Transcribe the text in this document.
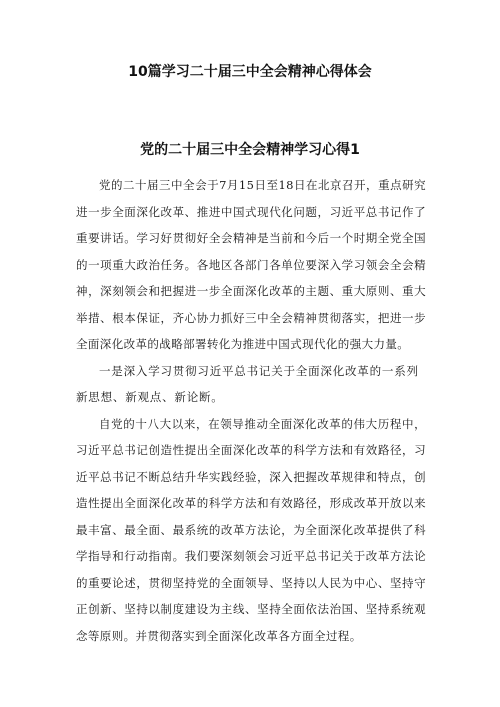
10篇学习二十届三中全会精神心得体会
党的二十届三中全会精神学习心得1

党的二十届三中全会于7月15日至18日在北京召开，重点研究进一步全面深化改革、推进中国式现代化问题，习近平总书记作了重要讲话。学习好贯彻好全会精神是当前和今后一个时期全党全国的一项重大政治任务。各地区各部门各单位要深入学习领会全会精神，深刻领会和把握进一步全面深化改革的主题、重大原则、重大举措、根本保证，齐心协力抓好三中全会精神贯彻落实，把进一步全面深化改革的战略部署转化为推进中国式现代化的强大力量。

一是深入学习贯彻习近平总书记关于全面深化改革的一系列新思想、新观点、新论断。

自党的十八大以来，在领导推动全面深化改革的伟大历程中，习近平总书记创造性提出全面深化改革的科学方法和有效路径，习近平总书记不断总结升华实践经验，深入把握改革规律和特点，创造性提出全面深化改革的科学方法和有效路径，形成改革开放以来最丰富、最全面、最系统的改革方法论，为全面深化改革提供了科学指导和行动指南。我们要深刻领会习近平总书记关于改革方法论的重要论述，贯彻坚持党的全面领导、坚持以人民为中心、坚持守正创新、坚持以制度建设为主线、坚持全面依法治国、坚持系统观念等原则。并贯彻落实到全面深化改革各方面全过程。
